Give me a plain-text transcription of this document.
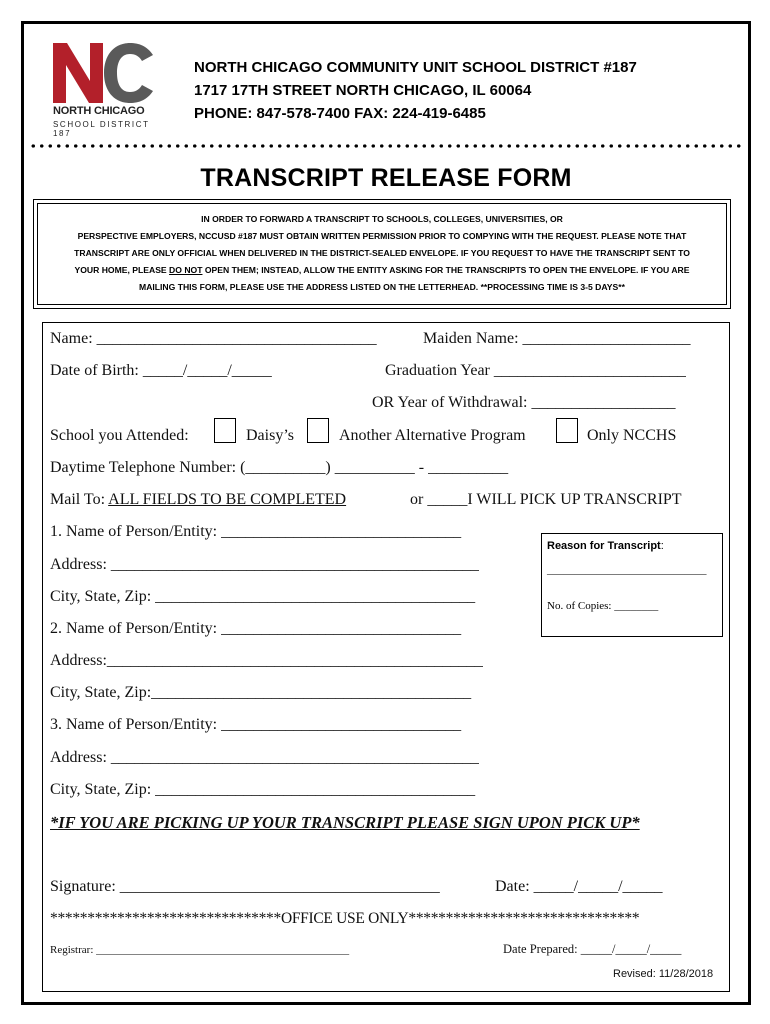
NORTH CHICAGO
SCHOOL DISTRICT 187
NORTH CHICAGO COMMUNITY UNIT SCHOOL DISTRICT #187
1717 17TH STREET NORTH CHICAGO, IL 60064
PHONE: 847-578-7400 FAX: 224-419-6485
TRANSCRIPT RELEASE FORM
IN ORDER TO FORWARD A TRANSCRIPT TO SCHOOLS, COLLEGES, UNIVERSITIES, OR
PERSPECTIVE EMPLOYERS, NCCUSD #187 MUST OBTAIN WRITTEN PERMISSION PRIOR TO COMPYING WITH THE REQUEST. PLEASE NOTE THAT
TRANSCRIPT ARE ONLY OFFICIAL WHEN DELIVERED IN THE DISTRICT-SEALED ENVELOPE. IF YOU REQUEST TO HAVE THE TRANSCRIPT SENT TO
YOUR HOME, PLEASE DO NOT OPEN THEM; INSTEAD, ALLOW THE ENTITY ASKING FOR THE TRANSCRIPTS TO OPEN THE ENVELOPE. IF YOU ARE
MAILING THIS FORM, PLEASE USE THE ADDRESS LISTED ON THE LETTERHEAD. **PROCESSING TIME IS 3-5 DAYS**
Name: ___________________________________	Maiden Name: _____________________
Date of Birth: _____/_____/_____	Graduation Year ________________________
OR Year of Withdrawal: __________________
School you Attended:	Daisy’s	Another Alternative Program	Only NCCHS
Daytime Telephone Number: (__________) __________ - __________
Mail To: ALL FIELDS TO BE COMPLETED	or _____I WILL PICK UP TRANSCRIPT
1. Name of Person/Entity: ______________________________
Address: ______________________________________________
City, State, Zip: ________________________________________
2. Name of Person/Entity: ______________________________
Address:_______________________________________________
City, State, Zip:________________________________________
3. Name of Person/Entity: ______________________________
Address: ______________________________________________
City, State, Zip: ________________________________________
*IF YOU ARE PICKING UP YOUR TRANSCRIPT PLEASE SIGN UPON PICK UP*
Signature: ________________________________________	Date: _____/_____/_____
*******************************OFFICE USE ONLY*******************************
Registrar: ______________________________________________	Date Prepared: _____/_____/_____
Revised: 11/28/2018
Reason for Transcript:
_____________________________
No. of Copies: ________
